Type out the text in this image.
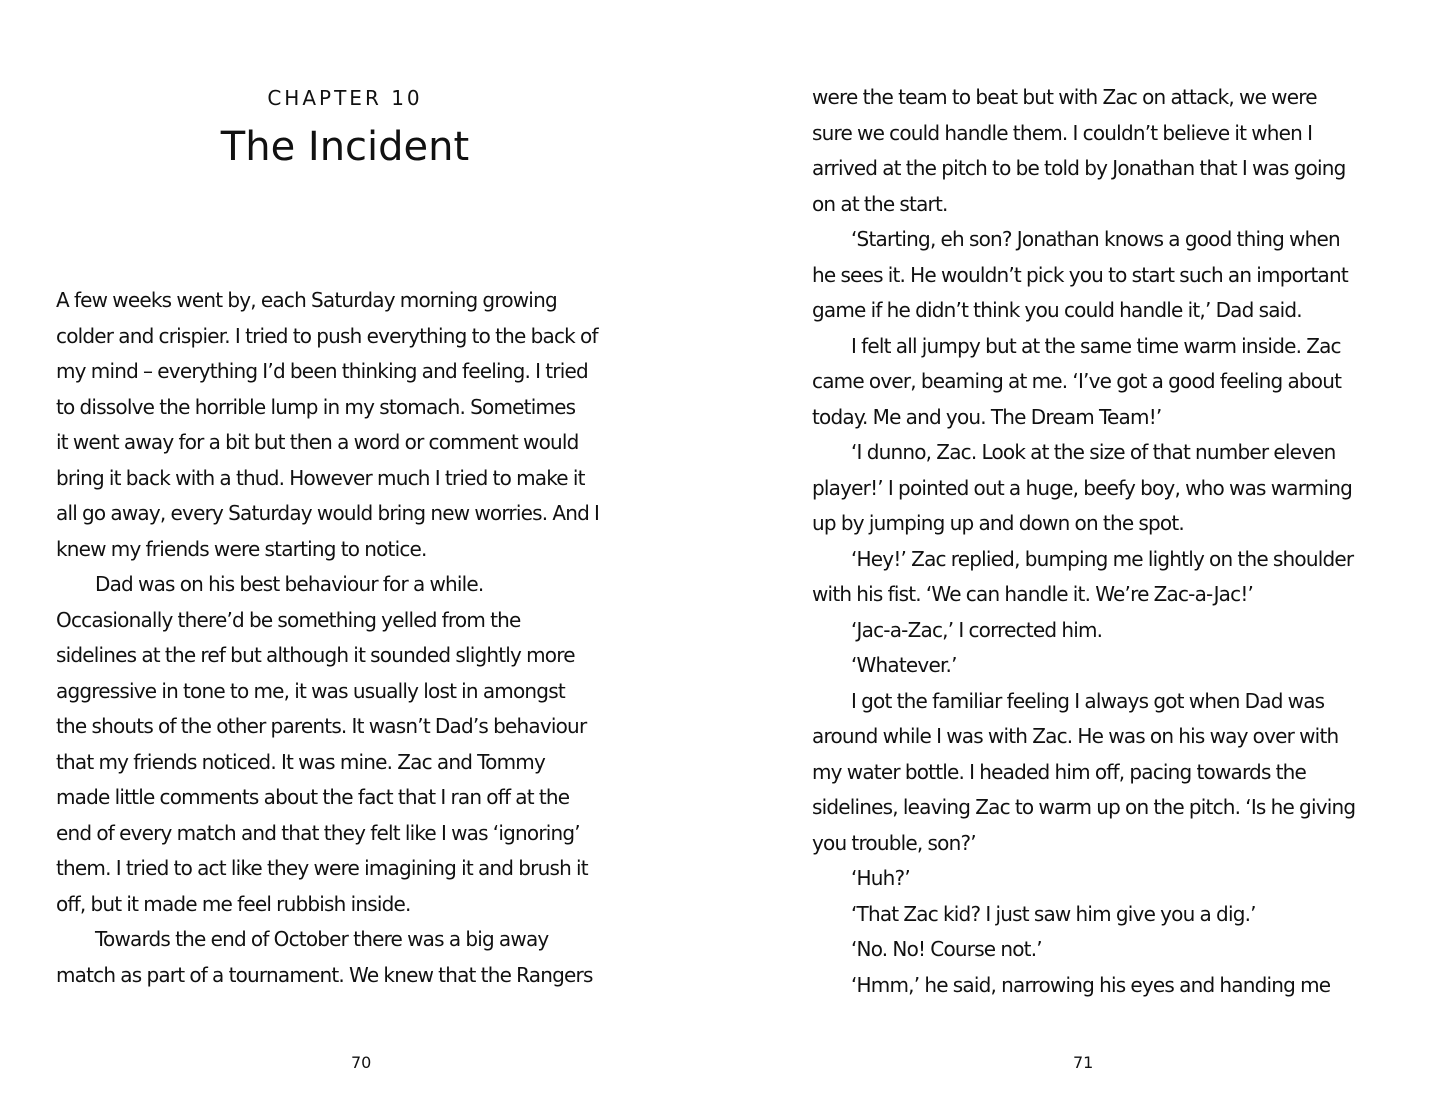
CHAPTER 10
The Incident
A few weeks went by, each Saturday morning growing
colder and crispier. I tried to push everything to the back of
my mind – everything I’d been thinking and feeling. I tried
to dissolve the horrible lump in my stomach. Sometimes
it went away for a bit but then a word or comment would
bring it back with a thud. However much I tried to make it
all go away, every Saturday would bring new worries. And I
knew my friends were starting to notice.
Dad was on his best behaviour for a while.
Occasionally there’d be something yelled from the
sidelines at the ref but although it sounded slightly more
aggressive in tone to me, it was usually lost in amongst
the shouts of the other parents. It wasn’t Dad’s behaviour
that my friends noticed. It was mine. Zac and Tommy
made little comments about the fact that I ran off at the
end of every match and that they felt like I was ‘ignoring’
them. I tried to act like they were imagining it and brush it
off, but it made me feel rubbish inside.
Towards the end of October there was a big away
match as part of a tournament. We knew that the Rangers
70
were the team to beat but with Zac on attack, we were
sure we could handle them. I couldn’t believe it when I
arrived at the pitch to be told by Jonathan that I was going
on at the start.
‘Starting, eh son? Jonathan knows a good thing when
he sees it. He wouldn’t pick you to start such an important
game if he didn’t think you could handle it,’ Dad said.
I felt all jumpy but at the same time warm inside. Zac
came over, beaming at me. ‘I’ve got a good feeling about
today. Me and you. The Dream Team!’
‘I dunno, Zac. Look at the size of that number eleven
player!’ I pointed out a huge, beefy boy, who was warming
up by jumping up and down on the spot.
‘Hey!’ Zac replied, bumping me lightly on the shoulder
with his fist. ‘We can handle it. We’re Zac-a-Jac!’
‘Jac-a-Zac,’ I corrected him.
‘Whatever.’
I got the familiar feeling I always got when Dad was
around while I was with Zac. He was on his way over with
my water bottle. I headed him off, pacing towards the
sidelines, leaving Zac to warm up on the pitch. ‘Is he giving
you trouble, son?’
‘Huh?’
‘That Zac kid? I just saw him give you a dig.’
‘No. No! Course not.’
‘Hmm,’ he said, narrowing his eyes and handing me
71
